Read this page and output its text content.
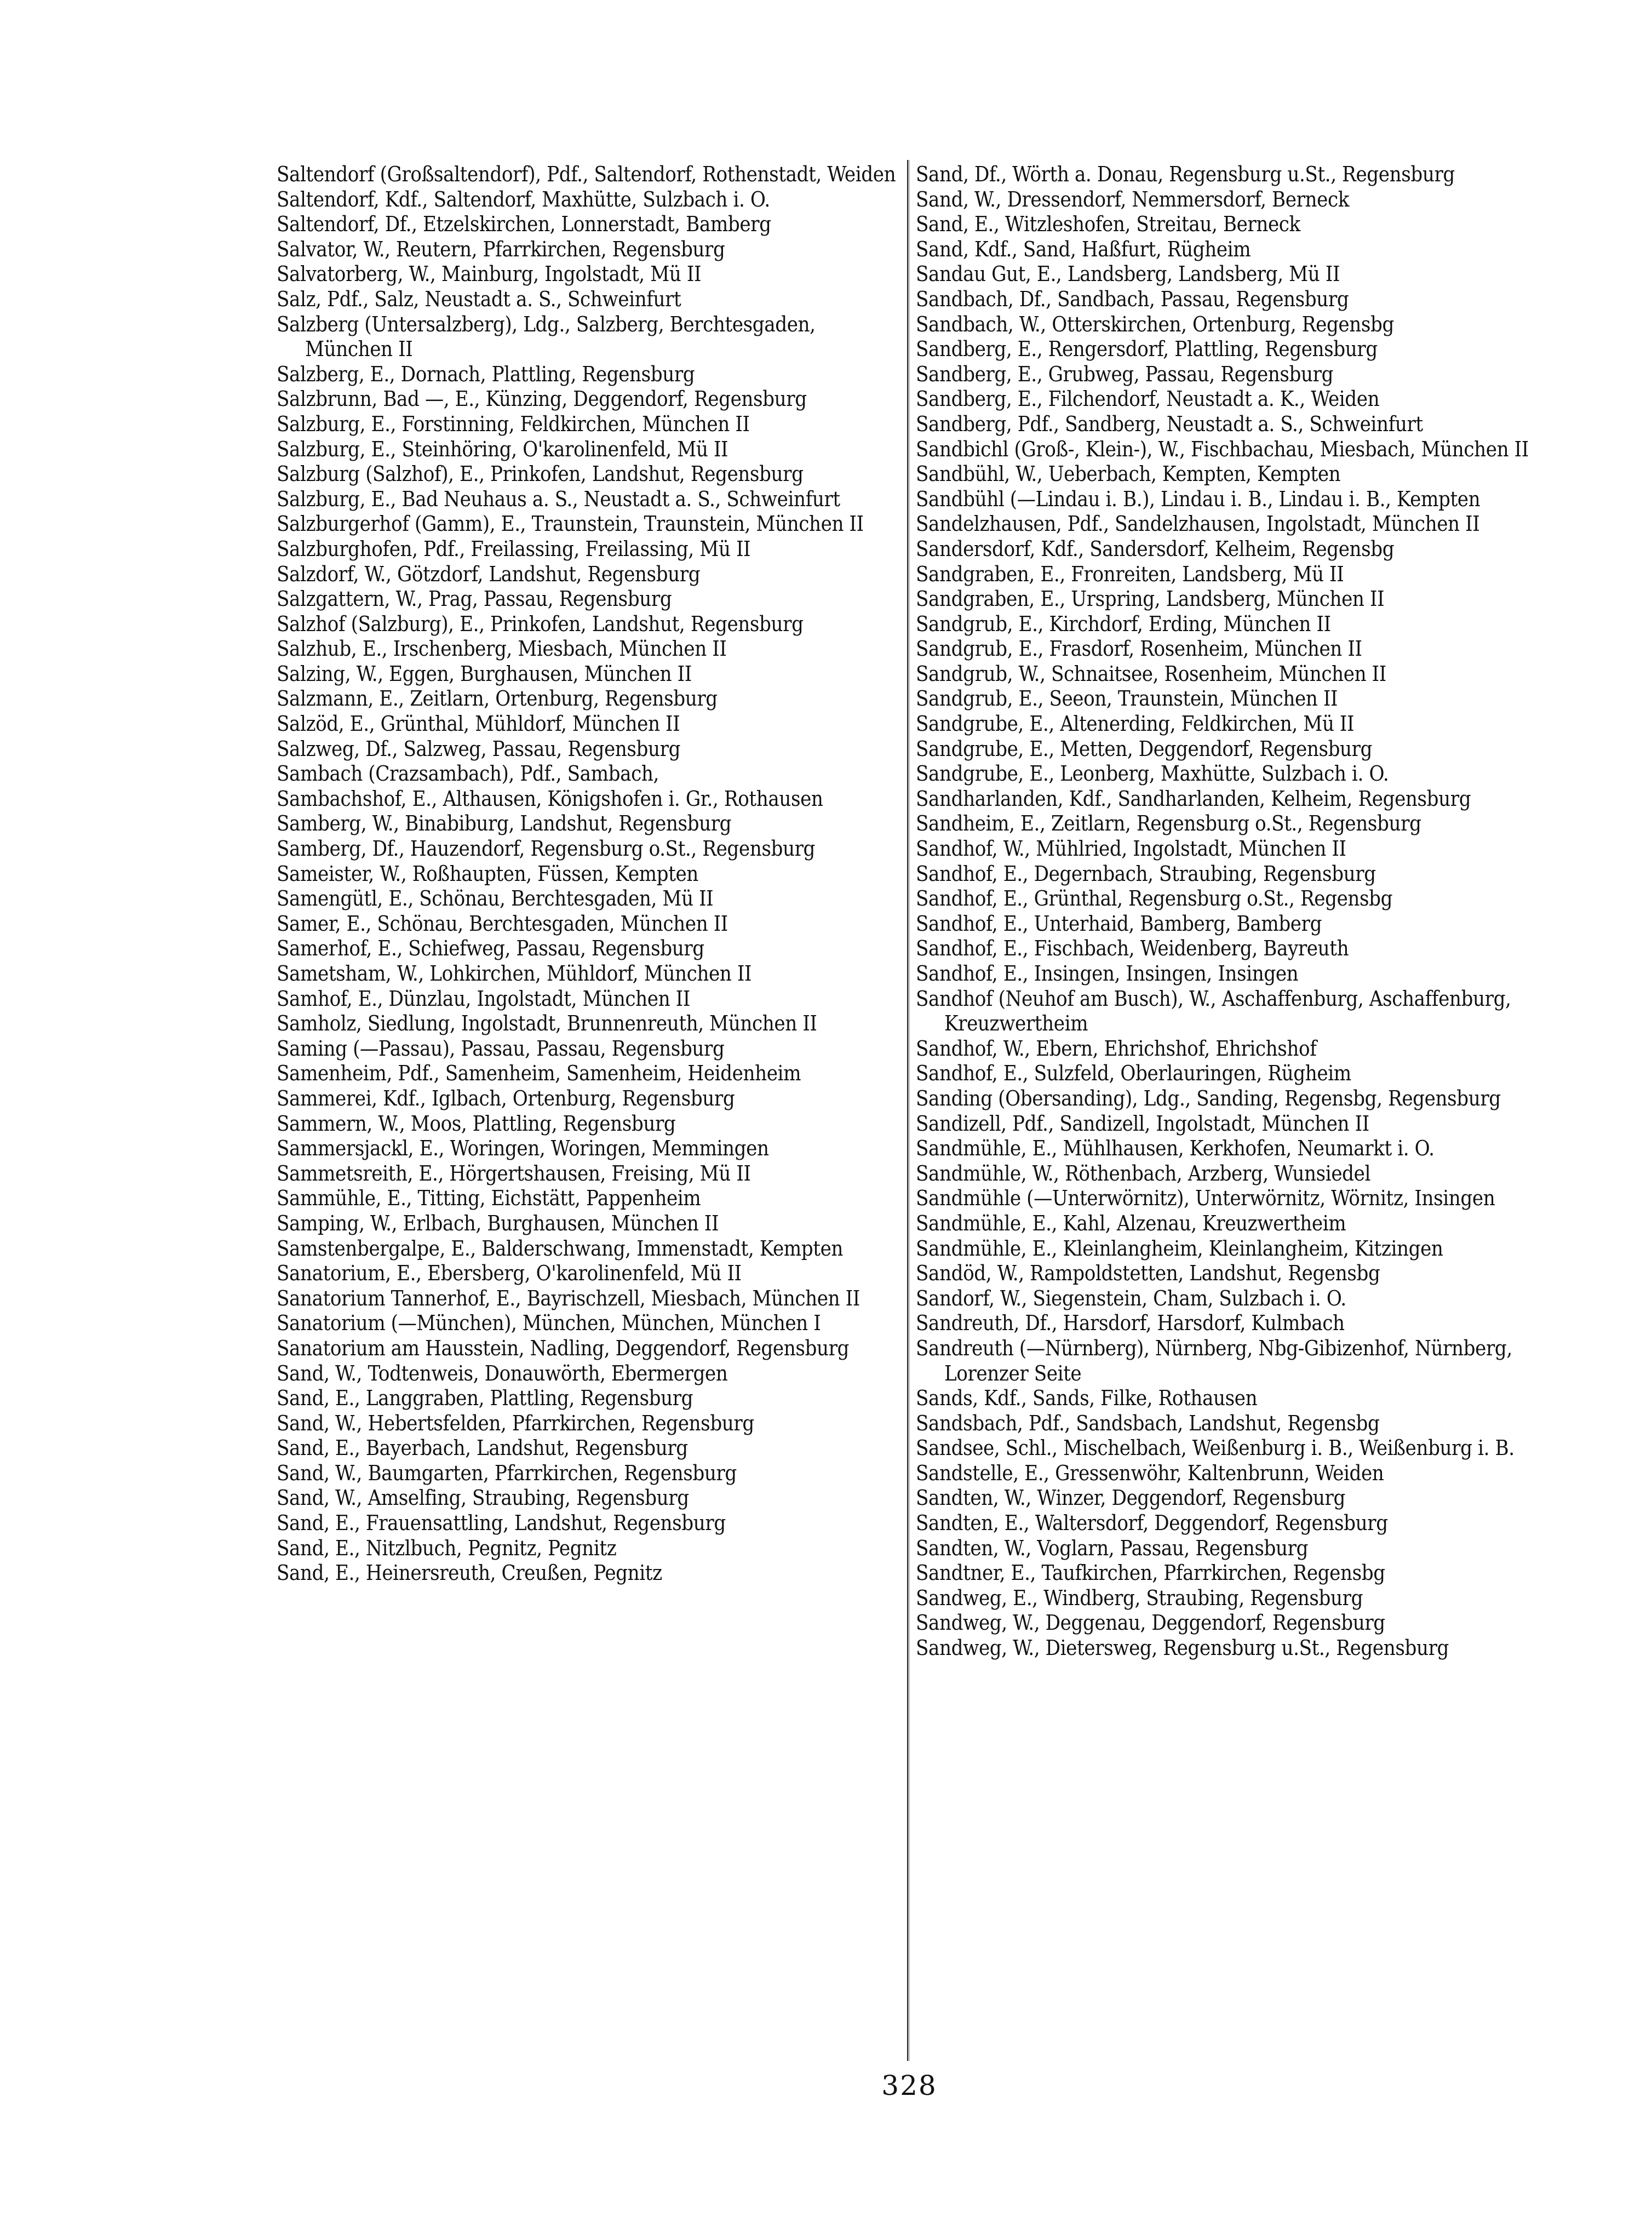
Saltendorf (Großsaltendorf), Pdf., Saltendorf, Rothenstadt, Weiden
Saltendorf, Kdf., Saltendorf, Maxhütte, Sulzbach i. O.
Saltendorf, Df., Etzelskirchen, Lonnerstadt, Bamberg
Salvator, W., Reutern, Pfarrkirchen, Regensburg
Salvatorberg, W., Mainburg, Ingolstadt, Mü II
Salz, Pdf., Salz, Neustadt a. S., Schweinfurt
Salzberg (Untersalzberg), Ldg., Salzberg, Berchtesgaden, München II
Salzberg, E., Dornach, Plattling, Regensburg
Salzbrunn, Bad —, E., Künzing, Deggendorf, Regensburg
Salzburg, E., Forstinning, Feldkirchen, München II
Salzburg, E., Steinhöring, O'karolinenfeld, Mü II
Salzburg (Salzhof), E., Prinkofen, Landshut, Regensburg
Salzburg, E., Bad Neuhaus a. S., Neustadt a. S., Schweinfurt
Salzburgerhof (Gamm), E., Traunstein, Traunstein, München II
Salzburghofen, Pdf., Freilassing, Freilassing, Mü II
Salzdorf, W., Götzdorf, Landshut, Regensburg
Salzgattern, W., Prag, Passau, Regensburg
Salzhof (Salzburg), E., Prinkofen, Landshut, Regensburg
Salzhub, E., Irschenberg, Miesbach, München II
Salzing, W., Eggen, Burghausen, München II
Salzmann, E., Zeitlarn, Ortenburg, Regensburg
Salzöd, E., Grünthal, Mühldorf, München II
Salzweg, Df., Salzweg, Passau, Regensburg
Sambach (Crazsambach), Pdf., Sambach,
Sambachshof, E., Althausen, Königshofen i. Gr., Rothausen
Samberg, W., Binabiburg, Landshut, Regensburg
Samberg, Df., Hauzendorf, Regensburg o.St., Regensburg
Sameister, W., Roßhaupten, Füssen, Kempten
Samengütl, E., Schönau, Berchtesgaden, Mü II
Samer, E., Schönau, Berchtesgaden, München II
Samerhof, E., Schiefweg, Passau, Regensburg
Sametsham, W., Lohkirchen, Mühldorf, München II
Samhof, E., Dünzlau, Ingolstadt, München II
Samholz, Siedlung, Ingolstadt, Brunnenreuth, München II
Saming (—Passau), Passau, Passau, Regensburg
Samenheim, Pdf., Samenheim, Samenheim, Heidenheim
Sammerei, Kdf., Iglbach, Ortenburg, Regensburg
Sammern, W., Moos, Plattling, Regensburg
Sammersjackl, E., Woringen, Woringen, Memmingen
Sammetsreith, E., Hörgertshausen, Freising, Mü II
Sammühle, E., Titting, Eichstätt, Pappenheim
Samping, W., Erlbach, Burghausen, München II
Samstenbergalpe, E., Balderschwang, Immenstadt, Kempten
Sanatorium, E., Ebersberg, O'karolinenfeld, Mü II
Sanatorium Tannerhof, E., Bayrischzell, Miesbach, München II
Sanatorium (—München), München, München, München I
Sanatorium am Hausstein, Nadling, Deggendorf, Regensburg
Sand, W., Todtenweis, Donauwörth, Ebermergen
Sand, E., Langgraben, Plattling, Regensburg
Sand, W., Hebertsfelden, Pfarrkirchen, Regensburg
Sand, E., Bayerbach, Landshut, Regensburg
Sand, W., Baumgarten, Pfarrkirchen, Regensburg
Sand, W., Amselfing, Straubing, Regensburg
Sand, E., Frauensattling, Landshut, Regensburg
Sand, E., Nitzlbuch, Pegnitz, Pegnitz
Sand, E., Heinersreuth, Creußen, Pegnitz
Sand, Df., Wörth a. Donau, Regensburg u.St., Regensburg
Sand, W., Dressendorf, Nemmersdorf, Berneck
Sand, E., Witzleshofen, Streitau, Berneck
Sand, Kdf., Sand, Haßfurt, Rügheim
Sandau Gut, E., Landsberg, Landsberg, Mü II
Sandbach, Df., Sandbach, Passau, Regensburg
Sandbach, W., Otterskirchen, Ortenburg, Regensbg
Sandberg, E., Rengersdorf, Plattling, Regensburg
Sandberg, E., Grubweg, Passau, Regensburg
Sandberg, E., Filchendorf, Neustadt a. K., Weiden
Sandberg, Pdf., Sandberg, Neustadt a. S., Schweinfurt
Sandbichl (Groß-, Klein-), W., Fischbachau, Miesbach, München II
Sandbühl, W., Ueberbach, Kempten, Kempten
Sandbühl (—Lindau i. B.), Lindau i. B., Lindau i. B., Kempten
Sandelzhausen, Pdf., Sandelzhausen, Ingolstadt, München II
Sandersdorf, Kdf., Sandersdorf, Kelheim, Regensbg
Sandgraben, E., Fronreiten, Landsberg, Mü II
Sandgraben, E., Urspring, Landsberg, München II
Sandgrub, E., Kirchdorf, Erding, München II
Sandgrub, E., Frasdorf, Rosenheim, München II
Sandgrub, W., Schnaitsee, Rosenheim, München II
Sandgrub, E., Seeon, Traunstein, München II
Sandgrube, E., Altenerding, Feldkirchen, Mü II
Sandgrube, E., Metten, Deggendorf, Regensburg
Sandgrube, E., Leonberg, Maxhütte, Sulzbach i. O.
Sandharlanden, Kdf., Sandharlanden, Kelheim, Regensburg
Sandheim, E., Zeitlarn, Regensburg o.St., Regensburg
Sandhof, W., Mühlried, Ingolstadt, München II
Sandhof, E., Degernbach, Straubing, Regensburg
Sandhof, E., Grünthal, Regensburg o.St., Regensbg
Sandhof, E., Unterhaid, Bamberg, Bamberg
Sandhof, E., Fischbach, Weidenberg, Bayreuth
Sandhof, E., Insingen, Insingen, Insingen
Sandhof (Neuhof am Busch), W., Aschaffenburg, Aschaffenburg, Kreuzwertheim
Sandhof, W., Ebern, Ehrichshof, Ehrichshof
Sandhof, E., Sulzfeld, Oberlauringen, Rügheim
Sanding (Obersanding), Ldg., Sanding, Regensbg, Regensburg
Sandizell, Pdf., Sandizell, Ingolstadt, München II
Sandmühle, E., Mühlhausen, Kerkhofen, Neumarkt i. O.
Sandmühle, W., Röthenbach, Arzberg, Wunsiedel
Sandmühle (—Unterwörnitz), Unterwörnitz, Wörnitz, Insingen
Sandmühle, E., Kahl, Alzenau, Kreuzwertheim
Sandmühle, E., Kleinlangheim, Kleinlangheim, Kitzingen
Sandöd, W., Rampoldstetten, Landshut, Regensbg
Sandorf, W., Siegenstein, Cham, Sulzbach i. O.
Sandreuth, Df., Harsdorf, Harsdorf, Kulmbach
Sandreuth (—Nürnberg), Nürnberg, Nbg-Gibizenhof, Nürnberg, Lorenzer Seite
Sands, Kdf., Sands, Filke, Rothausen
Sandsbach, Pdf., Sandsbach, Landshut, Regensbg
Sandsee, Schl., Mischelbach, Weißenburg i. B., Weißenburg i. B.
Sandstelle, E., Gressenwöhr, Kaltenbrunn, Weiden
Sandten, W., Winzer, Deggendorf, Regensburg
Sandten, E., Waltersdorf, Deggendorf, Regensburg
Sandten, W., Voglarn, Passau, Regensburg
Sandtner, E., Taufkirchen, Pfarrkirchen, Regensbg
Sandweg, E., Windberg, Straubing, Regensburg
Sandweg, W., Deggenau, Deggendorf, Regensburg
Sandweg, W., Dietersweg, Regensburg u.St., Regensburg
328
